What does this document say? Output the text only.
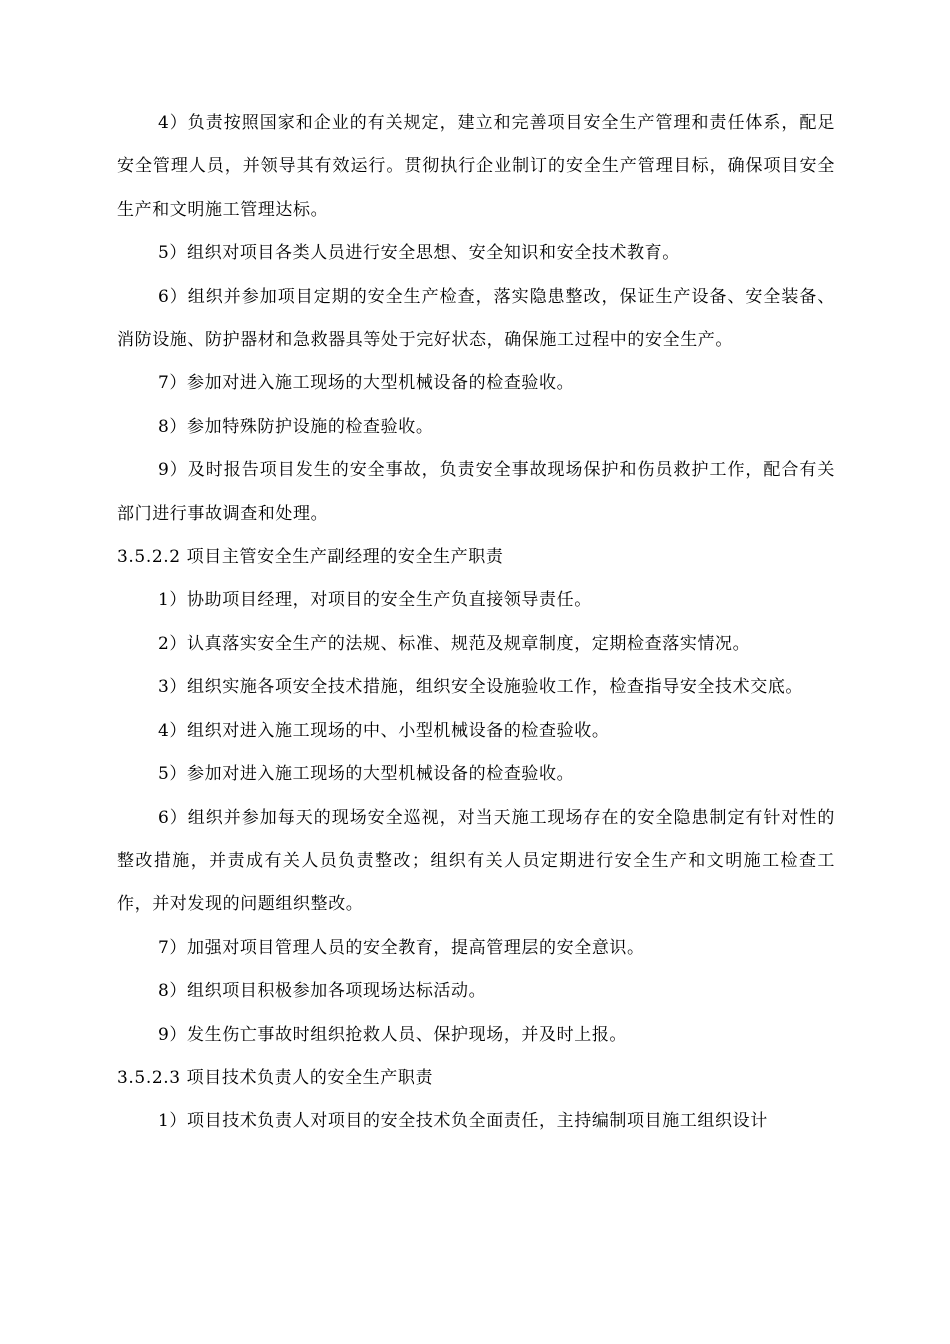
4）负责按照国家和企业的有关规定，建立和完善项目安全生产管理和责任体系，配足安全管理人员，并领导其有效运行。贯彻执行企业制订的安全生产管理目标，确保项目安全生产和文明施工管理达标。

5）组织对项目各类人员进行安全思想、安全知识和安全技术教育。

6）组织并参加项目定期的安全生产检查，落实隐患整改，保证生产设备、安全装备、消防设施、防护器材和急救器具等处于完好状态，确保施工过程中的安全生产。

7）参加对进入施工现场的大型机械设备的检查验收。

8）参加特殊防护设施的检查验收。

9）及时报告项目发生的安全事故，负责安全事故现场保护和伤员救护工作，配合有关部门进行事故调查和处理。

3.5.2.2 项目主管安全生产副经理的安全生产职责

1）协助项目经理，对项目的安全生产负直接领导责任。

2）认真落实安全生产的法规、标准、规范及规章制度，定期检查落实情况。

3）组织实施各项安全技术措施，组织安全设施验收工作，检查指导安全技术交底。

4）组织对进入施工现场的中、小型机械设备的检查验收。

5）参加对进入施工现场的大型机械设备的检查验收。

6）组织并参加每天的现场安全巡视，对当天施工现场存在的安全隐患制定有针对性的整改措施，并责成有关人员负责整改；组织有关人员定期进行安全生产和文明施工检查工作，并对发现的问题组织整改。

7）加强对项目管理人员的安全教育，提高管理层的安全意识。

8）组织项目积极参加各项现场达标活动。

9）发生伤亡事故时组织抢救人员、保护现场，并及时上报。

3.5.2.3 项目技术负责人的安全生产职责

1）项目技术负责人对项目的安全技术负全面责任，主持编制项目施工组织设计
